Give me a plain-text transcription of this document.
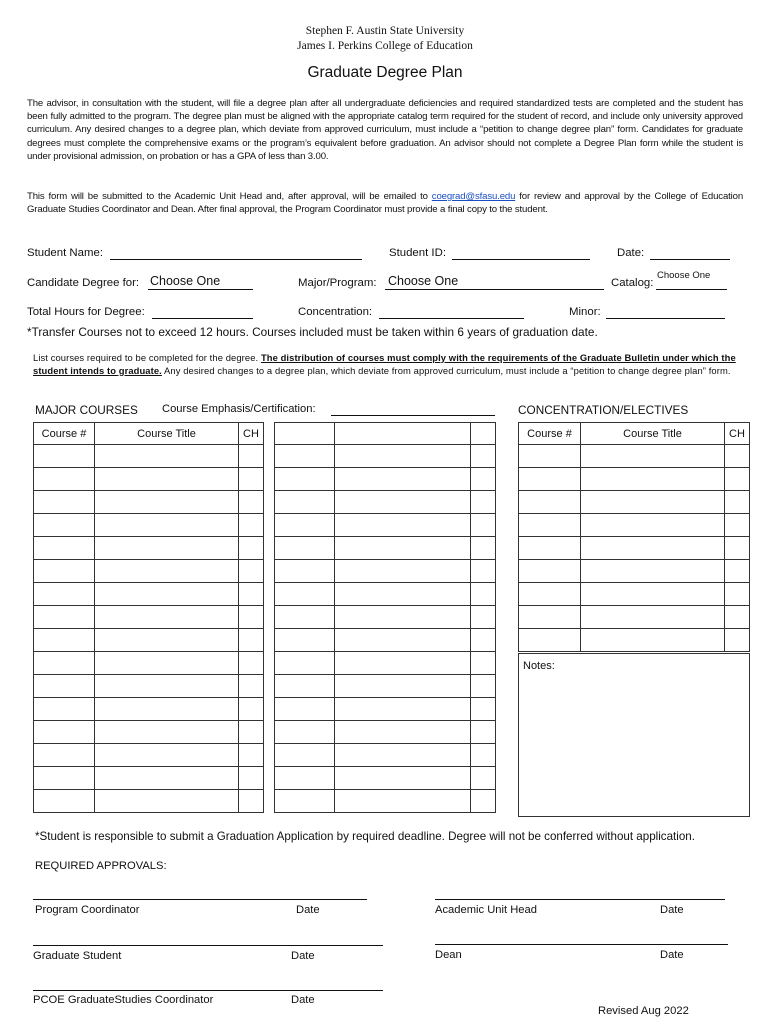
Stephen F. Austin State University
James I. Perkins College of Education
Graduate Degree Plan
The advisor, in consultation with the student, will file a degree plan after all undergraduate deficiencies and required standardized tests are completed and the student has been fully admitted to the program. The degree plan must be aligned with the appropriate catalog term required for the student of record, and include only university approved curriculum. Any desired changes to a degree plan, which deviate from approved curriculum, must include a “petition to change degree plan” form. Candidates for graduate degrees must complete the comprehensive exams or the program’s equivalent before graduation. An advisor should not complete a Degree Plan form while the student is under provisional admission, on probation or has a GPA of less than 3.00.
This form will be submitted to the Academic Unit Head and, after approval, will be emailed to coegrad@sfasu.edu for review and approval by the College of Education Graduate Studies Coordinator and Dean. After final approval, the Program Coordinator must provide a final copy to the student.
Student Name:	Student ID:	Date:
Candidate Degree for: Choose One	Major/Program: Choose One	Catalog:
Choose One
Total Hours for Degree:	Concentration:	Minor:
*Transfer Courses not to exceed 12 hours. Courses included must be taken within 6 years of graduation date.
List courses required to be completed for the degree. The distribution of courses must comply with the requirements of the Graduate Bulletin under which the student intends to graduate. Any desired changes to a degree plan, which deviate from approved curriculum, must include a “petition to change degree plan” form.
MAJOR COURSES Course Emphasis/Certification:	CONCENTRATION/ELECTIVES
Course #	Course Title	CH

			Course #	Course Title	CH

Notes:
*Student is responsible to submit a Graduation Application by required deadline. Degree will not be conferred without application.
REQUIRED APPROVALS:
Program Coordinator	Date	Academic Unit Head	Date
Graduate Student	Date	Dean	Date
PCOE GraduateStudies Coordinator	Date
Revised Aug 2022
